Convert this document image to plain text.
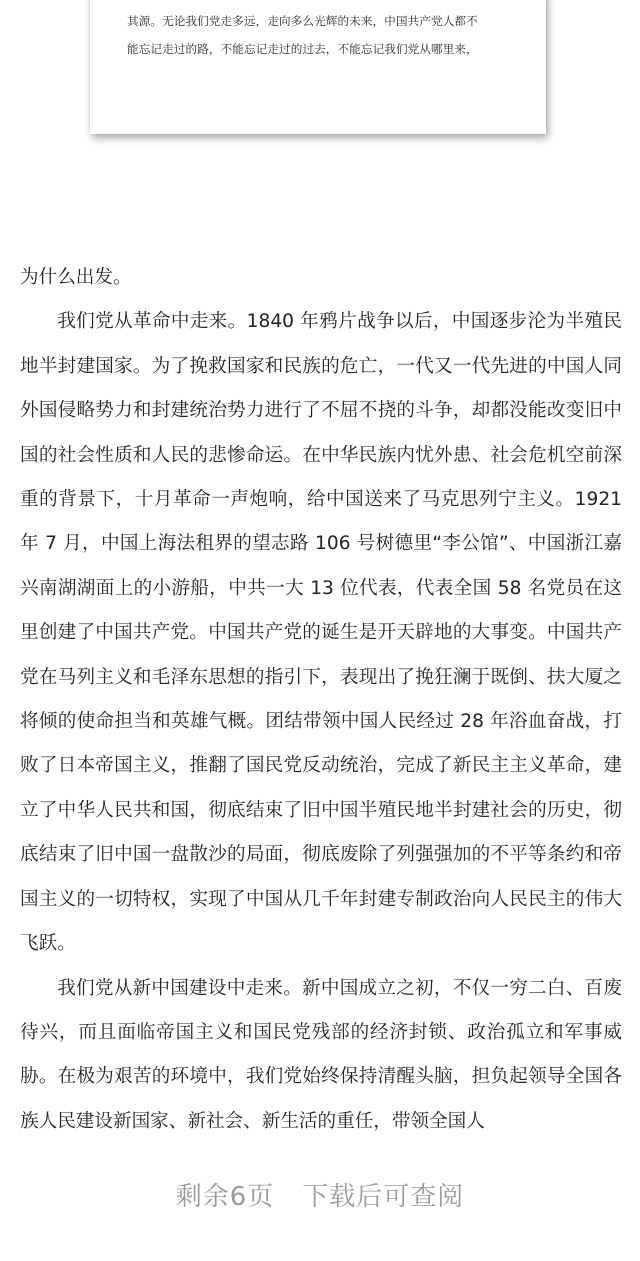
其源。无论我们党走多远，走向多么光辉的未来，中国共产党人都不
能忘记走过的路，不能忘记走过的过去，不能忘记我们党从哪里来，

为什么出发。

我们党从革命中走来。1840 年鸦片战争以后，中国逐步沦为半殖民地半封建国家。为了挽救国家和民族的危亡，一代又一代先进的中国人同外国侵略势力和封建统治势力进行了不屈不挠的斗争，却都没能改变旧中国的社会性质和人民的悲惨命运。在中华民族内忧外患、社会危机空前深重的背景下，十月革命一声炮响，给中国送来了马克思列宁主义。1921 年 7 月，中国上海法租界的望志路 106 号树德里“李公馆”、中国浙江嘉兴南湖湖面上的小游船，中共一大 13 位代表，代表全国 58 名党员在这里创建了中国共产党。中国共产党的诞生是开天辟地的大事变。中国共产党在马列主义和毛泽东思想的指引下，表现出了挽狂澜于既倒、扶大厦之将倾的使命担当和英雄气概。团结带领中国人民经过 28 年浴血奋战，打败了日本帝国主义，推翻了国民党反动统治，完成了新民主主义革命，建立了中华人民共和国，彻底结束了旧中国半殖民地半封建社会的历史，彻底结束了旧中国一盘散沙的局面，彻底废除了列强强加的不平等条约和帝国主义的一切特权，实现了中国从几千年封建专制政治向人民民主的伟大飞跃。

我们党从新中国建设中走来。新中国成立之初，不仅一穷二白、百废待兴，而且面临帝国主义和国民党残部的经济封锁、政治孤立和军事威胁。在极为艰苦的环境中，我们党始终保持清醒头脑，担负起领导全国各族人民建设新国家、新社会、新生活的重任，带领全国人

剩余6页 下载后可查阅
